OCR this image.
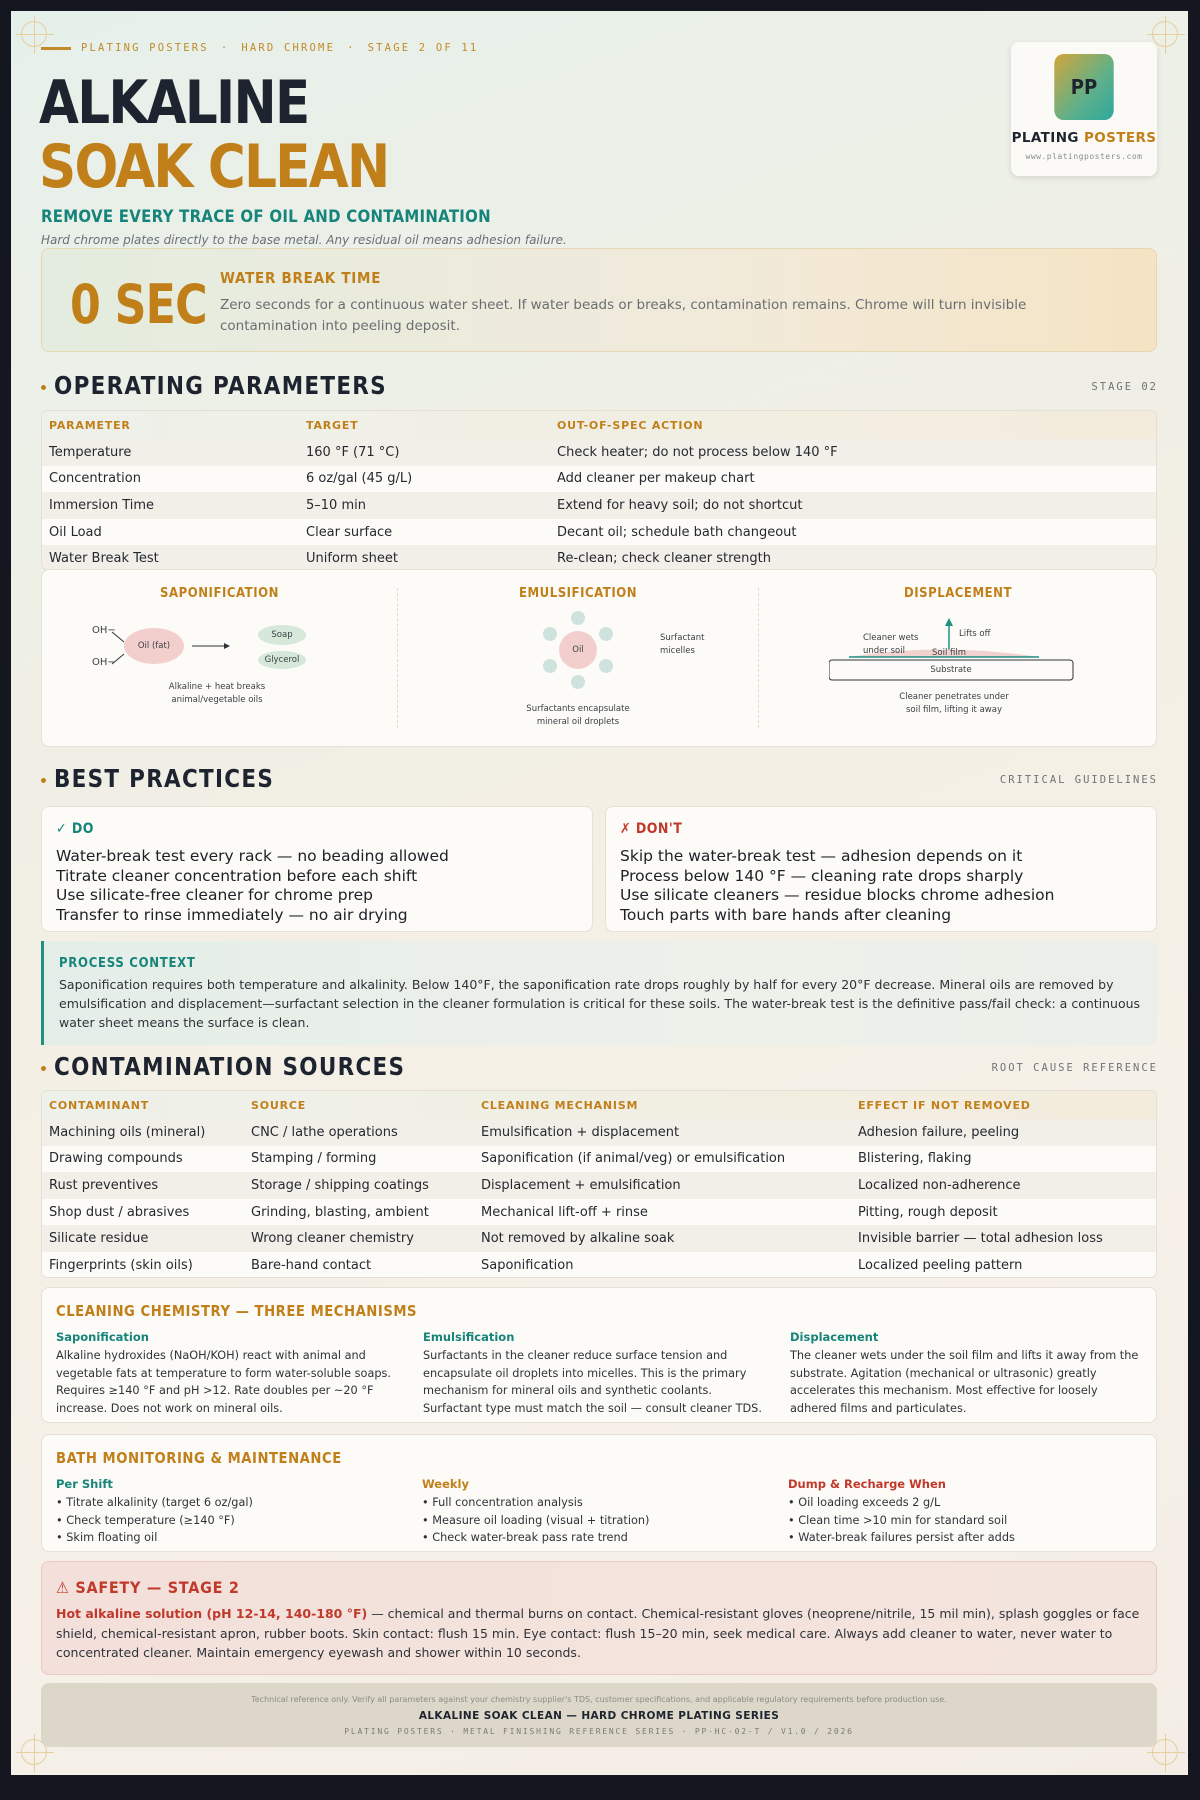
PLATING POSTERS · HARD CHROME · STAGE 2 OF 11
ALKALINE
SOAK CLEAN
REMOVE EVERY TRACE OF OIL AND CONTAMINATION
Hard chrome plates directly to the base metal. Any residual oil means adhesion failure.
PP
PLATING POSTERS
www.platingposters.com
0 SEC WATER BREAK TIME
Zero seconds for a continuous water sheet. If water beads or breaks, contamination remains. Chrome will turn invisible contamination into peeling deposit.
OPERATING PARAMETERS	STAGE 02
PARAMETER	TARGET	OUT-OF-SPEC ACTION
Temperature	160 °F (71 °C)	Check heater; do not process below 140 °F
Concentration	6 oz/gal (45 g/L)	Add cleaner per makeup chart
Immersion Time	5–10 min	Extend for heavy soil; do not shortcut
Oil Load	Clear surface	Decant oil; schedule bath changeout
Water Break Test	Uniform sheet	Re-clean; check cleaner strength
SAPONIFICATION
OH−
OH−
Oil (fat)
Soap
Glycerol
Alkaline + heat breaks
animal/vegetable oils
EMULSIFICATION
Oil
Surfactant
micelles
Surfactants encapsulate
mineral oil droplets
DISPLACEMENT
Lifts off
Cleaner wets
under soil	Soil film
Substrate
Cleaner penetrates under
soil film, lifting it away
BEST PRACTICES	CRITICAL GUIDELINES
✓ DO
Water-break test every rack — no beading allowed
Titrate cleaner concentration before each shift
Use silicate-free cleaner for chrome prep
Transfer to rinse immediately — no air drying
✗ DON'T
Skip the water-break test — adhesion depends on it
Process below 140 °F — cleaning rate drops sharply
Use silicate cleaners — residue blocks chrome adhesion
Touch parts with bare hands after cleaning
PROCESS CONTEXT
Saponification requires both temperature and alkalinity. Below 140°F, the saponification rate drops roughly by half for every 20°F decrease. Mineral oils are removed by emulsification and displacement—surfactant selection in the cleaner formulation is critical for these soils. The water-break test is the definitive pass/fail check: a continuous water sheet means the surface is clean.
CONTAMINATION SOURCES	ROOT CAUSE REFERENCE
CONTAMINANT	SOURCE	CLEANING MECHANISM	EFFECT IF NOT REMOVED
Machining oils (mineral)	CNC / lathe operations	Emulsification + displacement	Adhesion failure, peeling
Drawing compounds	Stamping / forming	Saponification (if animal/veg) or emulsification	Blistering, flaking
Rust preventives	Storage / shipping coatings	Displacement + emulsification	Localized non-adherence
Shop dust / abrasives	Grinding, blasting, ambient	Mechanical lift-off + rinse	Pitting, rough deposit
Silicate residue	Wrong cleaner chemistry	Not removed by alkaline soak	Invisible barrier — total adhesion loss
Fingerprints (skin oils)	Bare-hand contact	Saponification	Localized peeling pattern
CLEANING CHEMISTRY — THREE MECHANISMS
Saponification
Alkaline hydroxides (NaOH/KOH) react with animal and vegetable fats at temperature to form water-soluble soaps. Requires ≥140 °F and pH >12. Rate doubles per ~20 °F increase. Does not work on mineral oils.
Emulsification
Surfactants in the cleaner reduce surface tension and encapsulate oil droplets into micelles. This is the primary mechanism for mineral oils and synthetic coolants. Surfactant type must match the soil — consult cleaner TDS.
Displacement
The cleaner wets under the soil film and lifts it away from the substrate. Agitation (mechanical or ultrasonic) greatly accelerates this mechanism. Most effective for loosely adhered films and particulates.
BATH MONITORING & MAINTENANCE
Per Shift
• Titrate alkalinity (target 6 oz/gal)
• Check temperature (≥140 °F)
• Skim floating oil
Weekly
• Full concentration analysis
• Measure oil loading (visual + titration)
• Check water-break pass rate trend
Dump & Recharge When
• Oil loading exceeds 2 g/L
• Clean time >10 min for standard soil
• Water-break failures persist after adds
⚠ SAFETY — STAGE 2
Hot alkaline solution (pH 12-14, 140-180 °F) — chemical and thermal burns on contact. Chemical-resistant gloves (neoprene/nitrile, 15 mil min), splash goggles or face shield, chemical-resistant apron, rubber boots. Skin contact: flush 15 min. Eye contact: flush 15–20 min, seek medical care. Always add cleaner to water, never water to concentrated cleaner. Maintain emergency eyewash and shower within 10 seconds.
Technical reference only. Verify all parameters against your chemistry supplier's TDS, customer specifications, and applicable regulatory requirements before production use.
ALKALINE SOAK CLEAN — HARD CHROME PLATING SERIES
PLATING POSTERS · METAL FINISHING REFERENCE SERIES · PP-HC-02-T / V1.0 / 2026
